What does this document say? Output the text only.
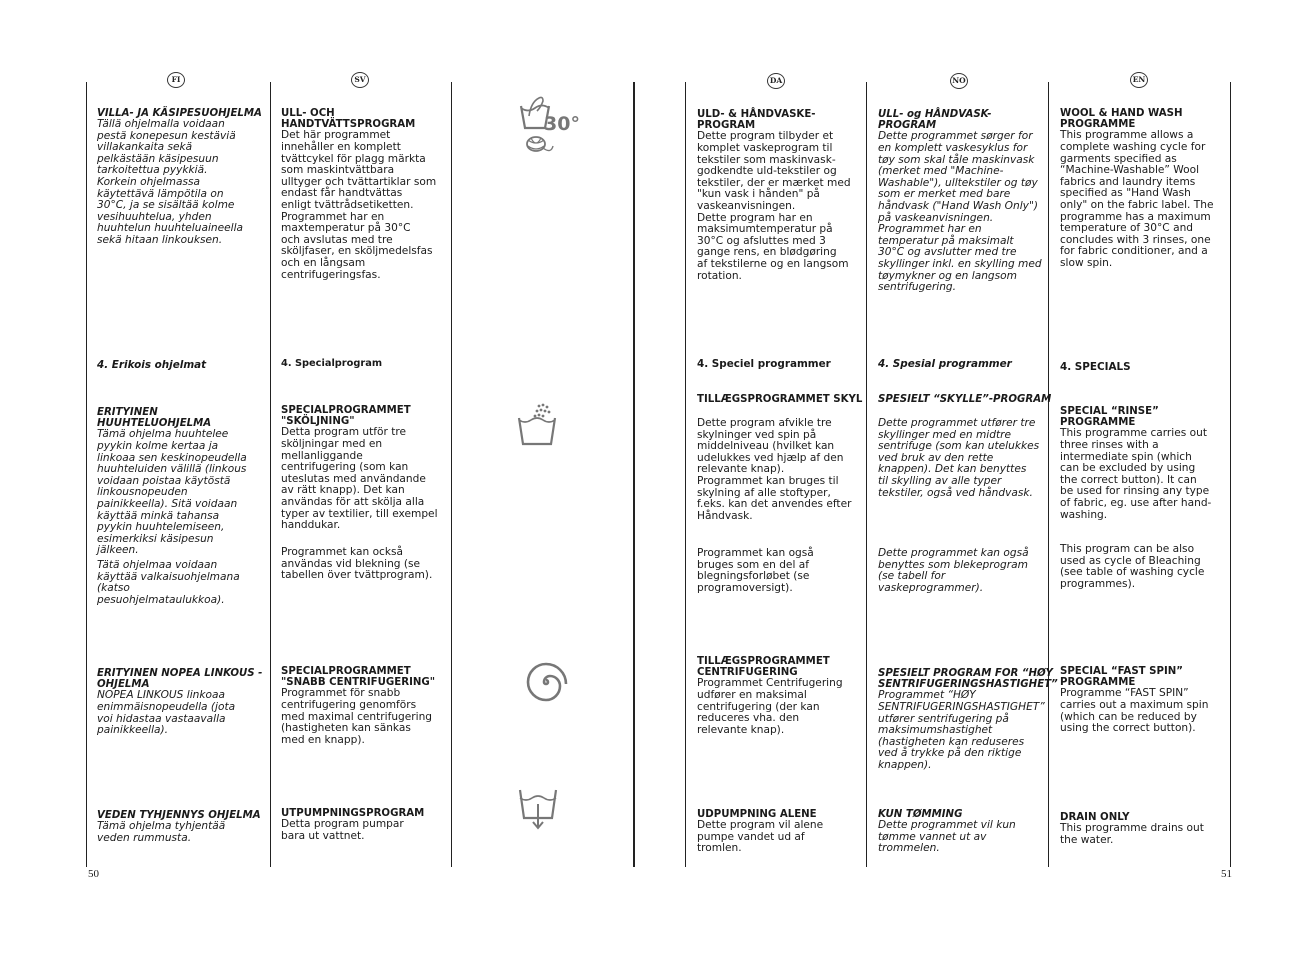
FI	SV	DA	NO	EN
50	51
30°

VILLA- JA KÄSIPESUOHJELMA
Tällä ohjelmalla voidaan
pestä konepesun kestäviä
villakankaita sekä
pelkästään käsipesuun
tarkoitettua pyykkiä.
Korkein ohjelmassa
käytettävä lämpötila on
30°C, ja se sisältää kolme
vesihuuhtelua, yhden
huuhtelun huuhteluaineella
sekä hitaan linkouksen.

4. Erikois ohjelmat

ERITYINEN
HUUHTELUOHJELMA
Tämä ohjelma huuhtelee
pyykin kolme kertaa ja
linkoaa sen keskinopeudella
huuhteluiden välillä (linkous
voidaan poistaa käytöstä
linkousnopeuden
painikkeella). Sitä voidaan
käyttää minkä tahansa
pyykin huuhtelemiseen,
esimerkiksi käsipesun
jälkeen.

Tätä ohjelmaa voidaan
käyttää valkaisuohjelmana
(katso
pesuohjelmataulukkoa).

ERITYINEN NOPEA LINKOUS -
OHJELMA
NOPEA LINKOUS linkoaa
enimmäisnopeudella (jota
voi hidastaa vastaavalla
painikkeella).

VEDEN TYHJENNYS OHJELMA
Tämä ohjelma tyhjentää
veden rummusta.

ULL- OCH
HANDTVÄTTSPROGRAM
Det här programmet
innehåller en komplett
tvättcykel för plagg märkta
som maskintvättbara
ulltyger och tvättartiklar som
endast får handtvättas
enligt tvättrådsetiketten.
Programmet har en
maxtemperatur på 30°C
och avslutas med tre
sköljfaser, en sköljmedelsfas
och en långsam
centrifugeringsfas.

4. Specialprogram

SPECIALPROGRAMMET
"SKÖLJNING"
Detta program utför tre
sköljningar med en
mellanliggande
centrifugering (som kan
uteslutas med användande
av rätt knapp). Det kan
användas för att skölja alla
typer av textilier, till exempel
handdukar.

Programmet kan också
användas vid blekning (se
tabellen över tvättprogram).

SPECIALPROGRAMMET
"SNABB CENTRIFUGERING"
Programmet för snabb
centrifugering genomförs
med maximal centrifugering
(hastigheten kan sänkas
med en knapp).

UTPUMPNINGSPROGRAM
Detta program pumpar
bara ut vattnet.

ULD- & HÅNDVASKE-
PROGRAM
Dette program tilbyder et
komplet vaskeprogram til
tekstiler som maskinvask-
godkendte uld-tekstiler og
tekstiler, der er mærket med
"kun vask i hånden" på
vaskeanvisningen.
Dette program har en
maksimumtemperatur på
30°C og afsluttes med 3
gange rens, en blødgøring
af tekstilerne og en langsom
rotation.

4. Speciel programmer
TILLÆGSPROGRAMMET SKYL
Dette program afvikle tre
skylninger ved spin på
middelniveau (hvilket kan
udelukkes ved hjælp af den
relevante knap).
Programmet kan bruges til
skylning af alle stoftyper,
f.eks. kan det anvendes efter
Håndvask.
Programmet kan også
bruges som en del af
blegningsforløbet (se
programoversigt).

TILLÆGSPROGRAMMET
CENTRIFUGERING
Programmet Centrifugering
udfører en maksimal
centrifugering (der kan
reduceres vha. den
relevante knap).

UDPUMPNING ALENE
Dette program vil alene
pumpe vandet ud af
tromlen.

ULL- og HÅNDVASK-
PROGRAM
Dette programmet sørger for
en komplett vaskesyklus for
tøy som skal tåle maskinvask
(merket med "Machine-
Washable"), ulltekstiler og tøy
som er merket med bare
håndvask ("Hand Wash Only")
på vaskeanvisningen.
Programmet har en
temperatur på maksimalt
30°C og avslutter med tre
skyllinger inkl. en skylling med
tøymykner og en langsom
sentrifugering.

4. Spesial programmer
SPESIELT “SKYLLE”-PROGRAM
Dette programmet utfører tre
skyllinger med en midtre
sentrifuge (som kan utelukkes
ved bruk av den rette
knappen). Det kan benyttes
til skylling av alle typer
tekstiler, også ved håndvask.
Dette programmet kan også
benyttes som blekeprogram
(se tabell for
vaskeprogrammer).

SPESIELT PROGRAM FOR “HØY
SENTRIFUGERINGSHASTIGHET”
Programmet “HØY
SENTRIFUGERINGSHASTIGHET”
utfører sentrifugering på
maksimumshastighet
(hastigheten kan reduseres
ved å trykke på den riktige
knappen).

KUN TØMMING
Dette programmet vil kun
tømme vannet ut av
trommelen.

WOOL & HAND WASH
PROGRAMME
This programme allows a
complete washing cycle for
garments specified as
“Machine-Washable” Wool
fabrics and laundry items
specified as "Hand Wash
only" on the fabric label. The
programme has a maximum
temperature of 30°C and
concludes with 3 rinses, one
for fabric conditioner, and a
slow spin.

4. SPECIALS

SPECIAL “RINSE”
PROGRAMME
This programme carries out
three rinses with a
intermediate spin (which
can be excluded by using
the correct button). It can
be used for rinsing any type
of fabric, eg. use after hand-
washing.

This program can be also
used as cycle of Bleaching
(see table of washing cycle
programmes).

SPECIAL “FAST SPIN”
PROGRAMME
Programme “FAST SPIN”
carries out a maximum spin
(which can be reduced by
using the correct button).

DRAIN ONLY
This programme drains out
the water.
